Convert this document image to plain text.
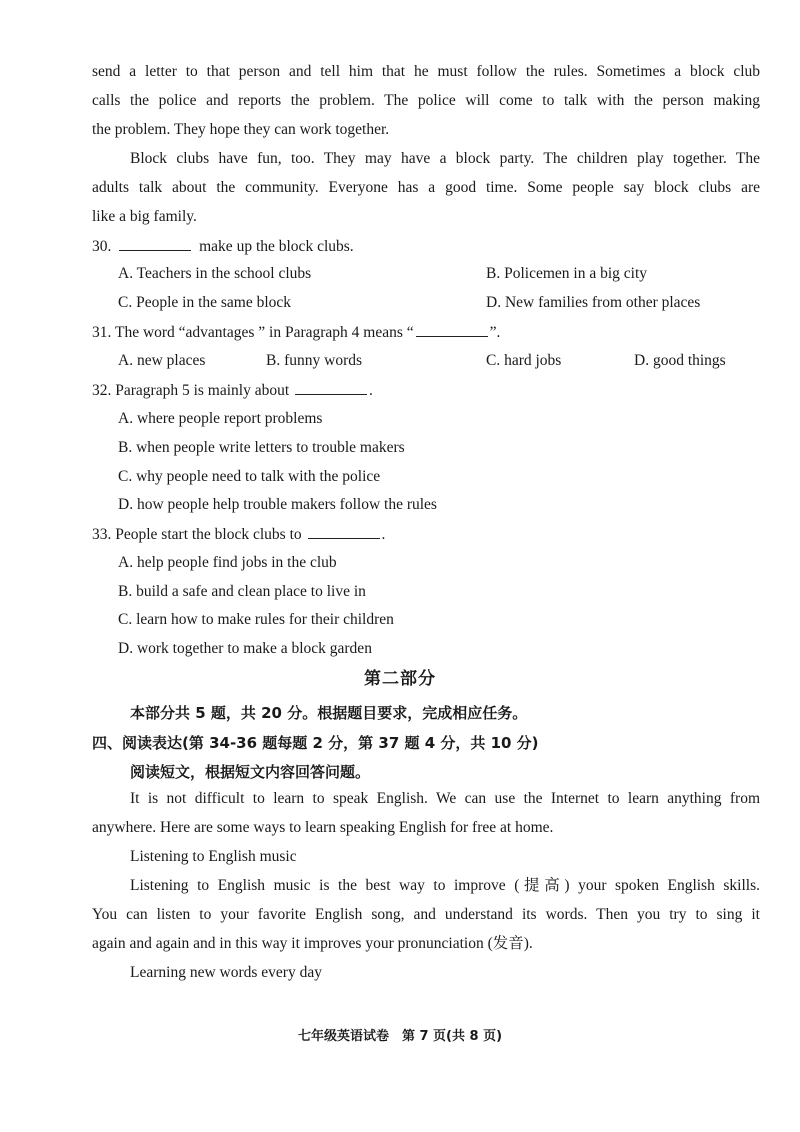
send a letter to that person and tell him that he must follow the rules. Sometimes a block club
calls the police and reports the problem. The police will come to talk with the person making
the problem. They hope they can work together.
Block clubs have fun, too. They may have a block party. The children play together. The
adults talk about the community. Everyone has a good time. Some people say block clubs are
like a big family.
30.	make up the block clubs.
A. Teachers in the school clubs	B. Policemen in a big city
C. People in the same block	D. New families from other places
31. The word “advantages ” in Paragraph 4 means “	”.
A. new places	B. funny words	C. hard jobs	D. good things
32. Paragraph 5 is mainly about	.
A. where people report problems
B. when people write letters to trouble makers
C. why people need to talk with the police
D. how people help trouble makers follow the rules
33. People start the block clubs to	.
A. help people find jobs in the club
B. build a safe and clean place to live in
C. learn how to make rules for their children
D. work together to make a block garden
第二部分
本部分共 5 题，共 20 分。根据题目要求，完成相应任务。
四、阅读表达(第 34-36 题每题 2 分，第 37 题 4 分，共 10 分)
阅读短文，根据短文内容回答问题。
It is not difficult to learn to speak English. We can use the Internet to learn anything from
anywhere. Here are some ways to learn speaking English for free at home.
Listening to English music
Listening to English music is the best way to improve (提高) your spoken English skills.
You can listen to your favorite English song, and understand its words. Then you try to sing it
again and again and in this way it improves your pronunciation (发音).
Learning new words every day
七年级英语试卷　第 7 页(共 8 页)
